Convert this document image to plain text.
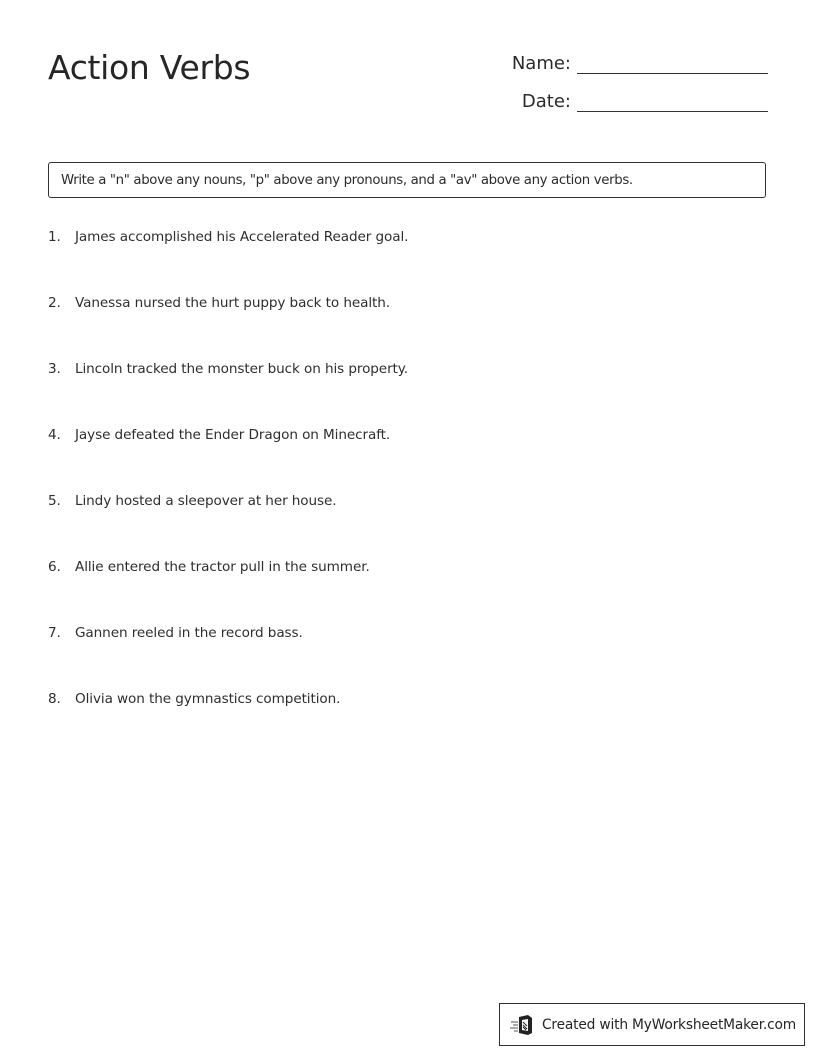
Action Verbs	Name:
Date:
Write a "n" above any nouns, "p" above any pronouns, and a "av" above any action verbs.
1.	James accomplished his Accelerated Reader goal.
2.	Vanessa nursed the hurt puppy back to health.
3.	Lincoln tracked the monster buck on his property.
4.	Jayse defeated the Ender Dragon on Minecraft.
5.	Lindy hosted a sleepover at her house.
6.	Allie entered the tractor pull in the summer.
7.	Gannen reeled in the record bass.
8.	Olivia won the gymnastics competition.
Created with MyWorksheetMaker.com
